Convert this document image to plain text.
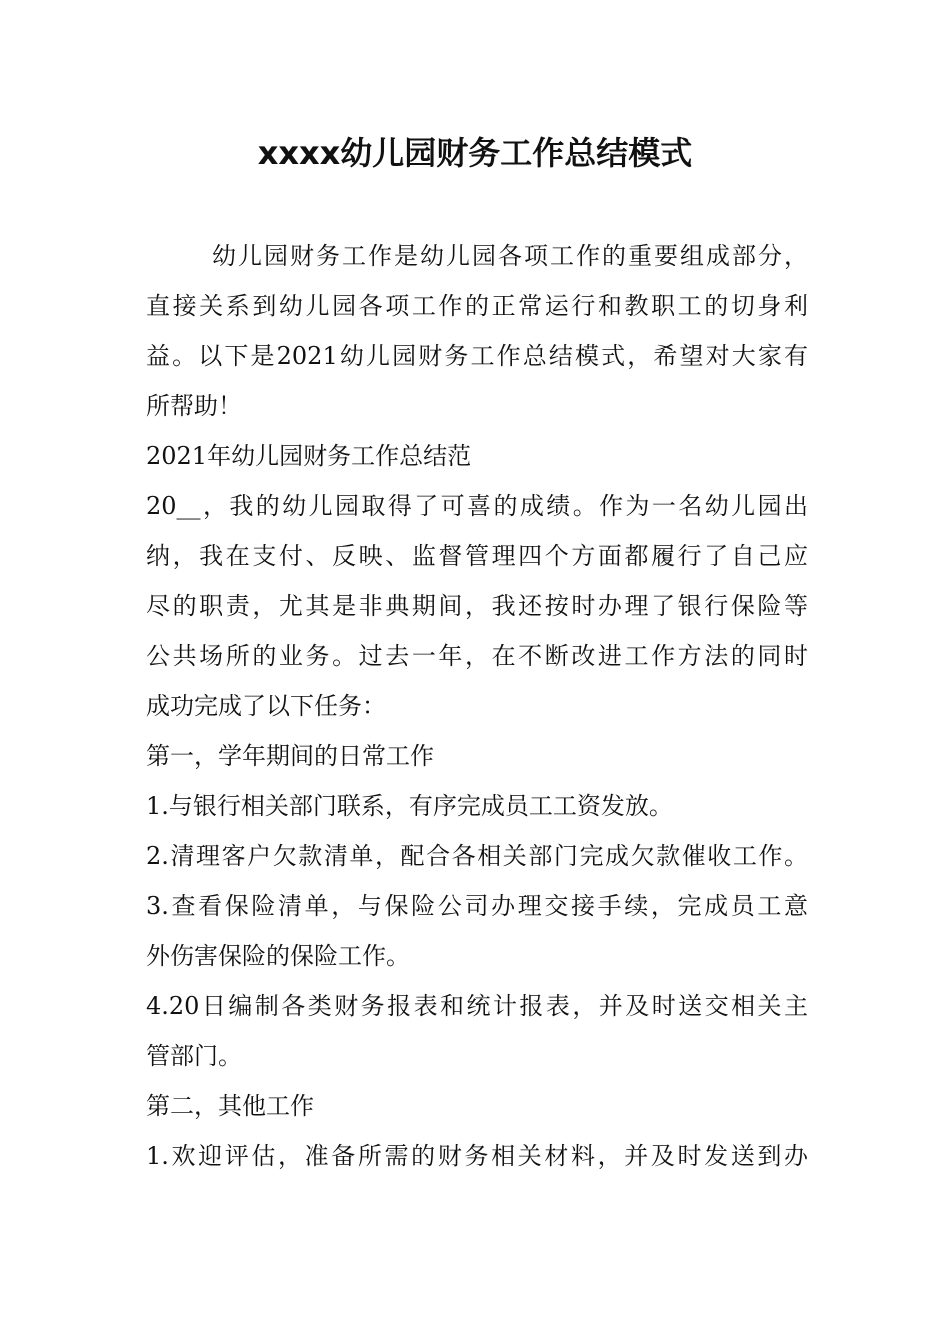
xxxx幼儿园财务工作总结模式
幼儿园财务工作是幼儿园各项工作的重要组成部分，
直接关系到幼儿园各项工作的正常运行和教职工的切身利
益。以下是2021幼儿园财务工作总结模式，希望对大家有
所帮助！
2021年幼儿园财务工作总结范
20__，我的幼儿园取得了可喜的成绩。作为一名幼儿园出
纳，我在支付、反映、监督管理四个方面都履行了自己应
尽的职责，尤其是非典期间，我还按时办理了银行保险等
公共场所的业务。过去一年，在不断改进工作方法的同时
成功完成了以下任务：
第一，学年期间的日常工作
1.与银行相关部门联系，有序完成员工工资发放。
2.清理客户欠款清单，配合各相关部门完成欠款催收工作。
3.查看保险清单，与保险公司办理交接手续，完成员工意
外伤害保险的保险工作。
4.20日编制各类财务报表和统计报表，并及时送交相关主
管部门。
第二，其他工作
1.欢迎评估，准备所需的财务相关材料，并及时发送到办
